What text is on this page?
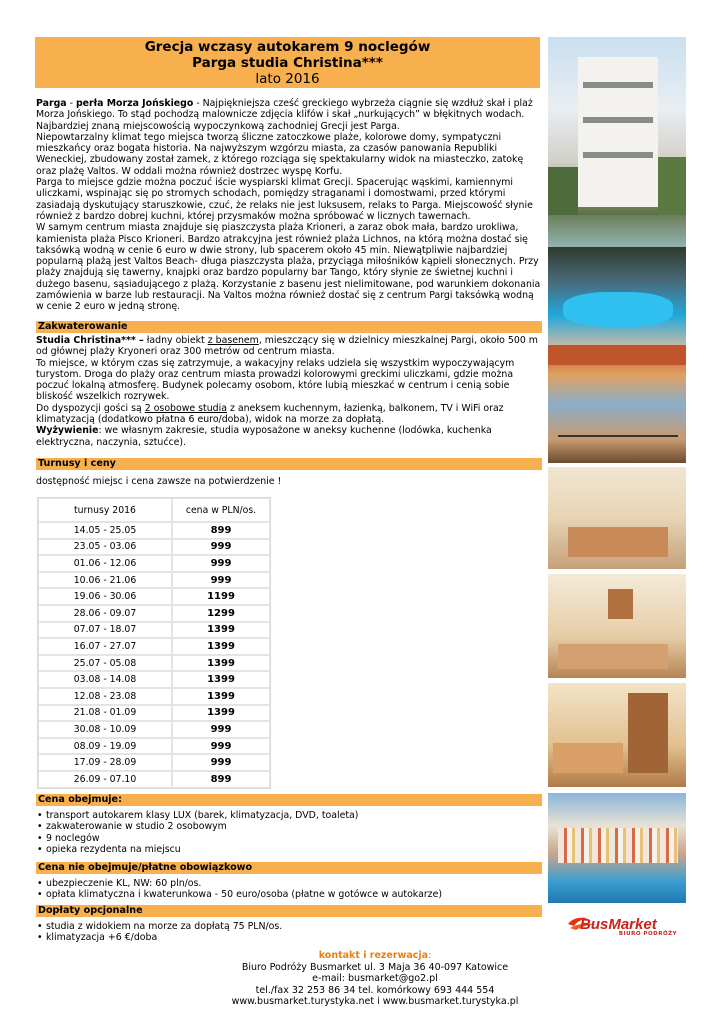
Grecja wczasy autokarem 9 noclegów
Parga studia Christina***
lato 2016
Parga - perła Morza Jońskiego - Najpiękniejsza cześć greckiego wybrzeża ciągnie się wzdłuż skał i plaż Morza Jońskiego. To stąd pochodzą malownicze zdjęcia klifów i skał „nurkujących” w błękitnych wodach. Najbardziej znaną miejscowością wypoczynkową zachodniej Grecji jest Parga.
Niepowtarzalny klimat tego miejsca tworzą śliczne zatoczkowe plaże, kolorowe domy, sympatyczni mieszkańcy oraz bogata historia. Na najwyższym wzgórzu miasta, za czasów panowania Republiki Weneckiej, zbudowany został zamek, z którego rozciąga się spektakularny widok na miasteczko, zatokę oraz plażę Valtos. W oddali można również dostrzec wyspę Korfu.
Parga to miejsce gdzie można poczuć iście wyspiarski klimat Grecji. Spacerując wąskimi, kamiennymi uliczkami, wspinając się po stromych schodach, pomiędzy straganami i domostwami, przed którymi zasiadają dyskutujący staruszkowie, czuć, że relaks nie jest luksusem, relaks to Parga. Miejscowość słynie również z bardzo dobrej kuchni, której przysmaków można spróbować w licznych tawernach.
W samym centrum miasta znajduje się piaszczysta plaża Krioneri, a zaraz obok mała, bardzo urokliwa, kamienista plaża Pisco Krioneri. Bardzo atrakcyjna jest również plaża Lichnos, na którą można dostać się taksówką wodną w cenie 6 euro w dwie strony, lub spacerem około 45 min. Niewątpliwie najbardziej popularną plażą jest Valtos Beach- długa piaszczysta plaża, przyciąga miłośników kąpieli słonecznych. Przy plaży znajdują się tawerny, knajpki oraz bardzo popularny bar Tango, który słynie ze świetnej kuchni i dużego basenu, sąsiadującego z plażą. Korzystanie z basenu jest nielimitowane, pod warunkiem dokonania zamówienia w barze lub restauracji. Na Valtos można również dostać się z centrum Pargi taksówką wodną w cenie 2 euro w jedną stronę.
Zakwaterowanie
Studia Christina*** – ładny obiekt z basenem, mieszczący się w dzielnicy mieszkalnej Pargi, około 500 m od głównej plaży Kryoneri oraz 300 metrów od centrum miasta.
To miejsce, w którym czas się zatrzymuje, a wakacyjny relaks udziela się wszystkim wypoczywającym turystom. Droga do plaży oraz centrum miasta prowadzi kolorowymi greckimi uliczkami, gdzie można poczuć lokalną atmosferę. Budynek polecamy osobom, które lubią mieszkać w centrum i cenią sobie bliskość wszelkich rozrywek.
Do dyspozycji gości są 2 osobowe studia z aneksem kuchennym, łazienką, balkonem, TV i WiFi oraz klimatyzacją (dodatkowo płatna 6 euro/doba), widok na morze za dopłatą.
Wyżywienie: we własnym zakresie, studia wyposażone w aneksy kuchenne (lodówka, kuchenka elektryczna, naczynia, sztućce).
Turnusy i ceny
dostępność miejsc i cena zawsze na potwierdzenie !
turnusy 2016	cena w PLN/os.
14.05 - 25.05	899
23.05 - 03.06	999
01.06 - 12.06	999
10.06 - 21.06	999
19.06 - 30.06	1199
28.06 - 09.07	1299
07.07 - 18.07	1399
16.07 - 27.07	1399
25.07 - 05.08	1399
03.08 - 14.08	1399
12.08 - 23.08	1399
21.08 - 01.09	1399
30.08 - 10.09	999
08.09 - 19.09	999
17.09 - 28.09	999
26.09 - 07.10	899
Cena obejmuje:
• transport autokarem klasy LUX (barek, klimatyzacja, DVD, toaleta)
• zakwaterowanie w studio 2 osobowym
• 9 noclegów
• opieka rezydenta na miejscu
Cena nie obejmuje/płatne obowiązkowo
• ubezpieczenie KL, NW: 60 pln/os.
• opłata klimatyczna i kwaterunkowa - 50 euro/osoba (płatne w gotówce w autokarze)
Dopłaty opcjonalne
• studia z widokiem na morze za dopłatą 75 PLN/os.
• klimatyzacja +6 €/doba
kontakt i rezerwacja:
Biuro Podróży Busmarket ul. 3 Maja 36 40-097 Katowice
e-mail: busmarket@go2.pl
tel./fax 32 253 86 34 tel. komórkowy 693 444 554
www.busmarket.turystyka.net i www.busmarket.turystyka.pl
BusMarket
BIURO PODRÓŻY
